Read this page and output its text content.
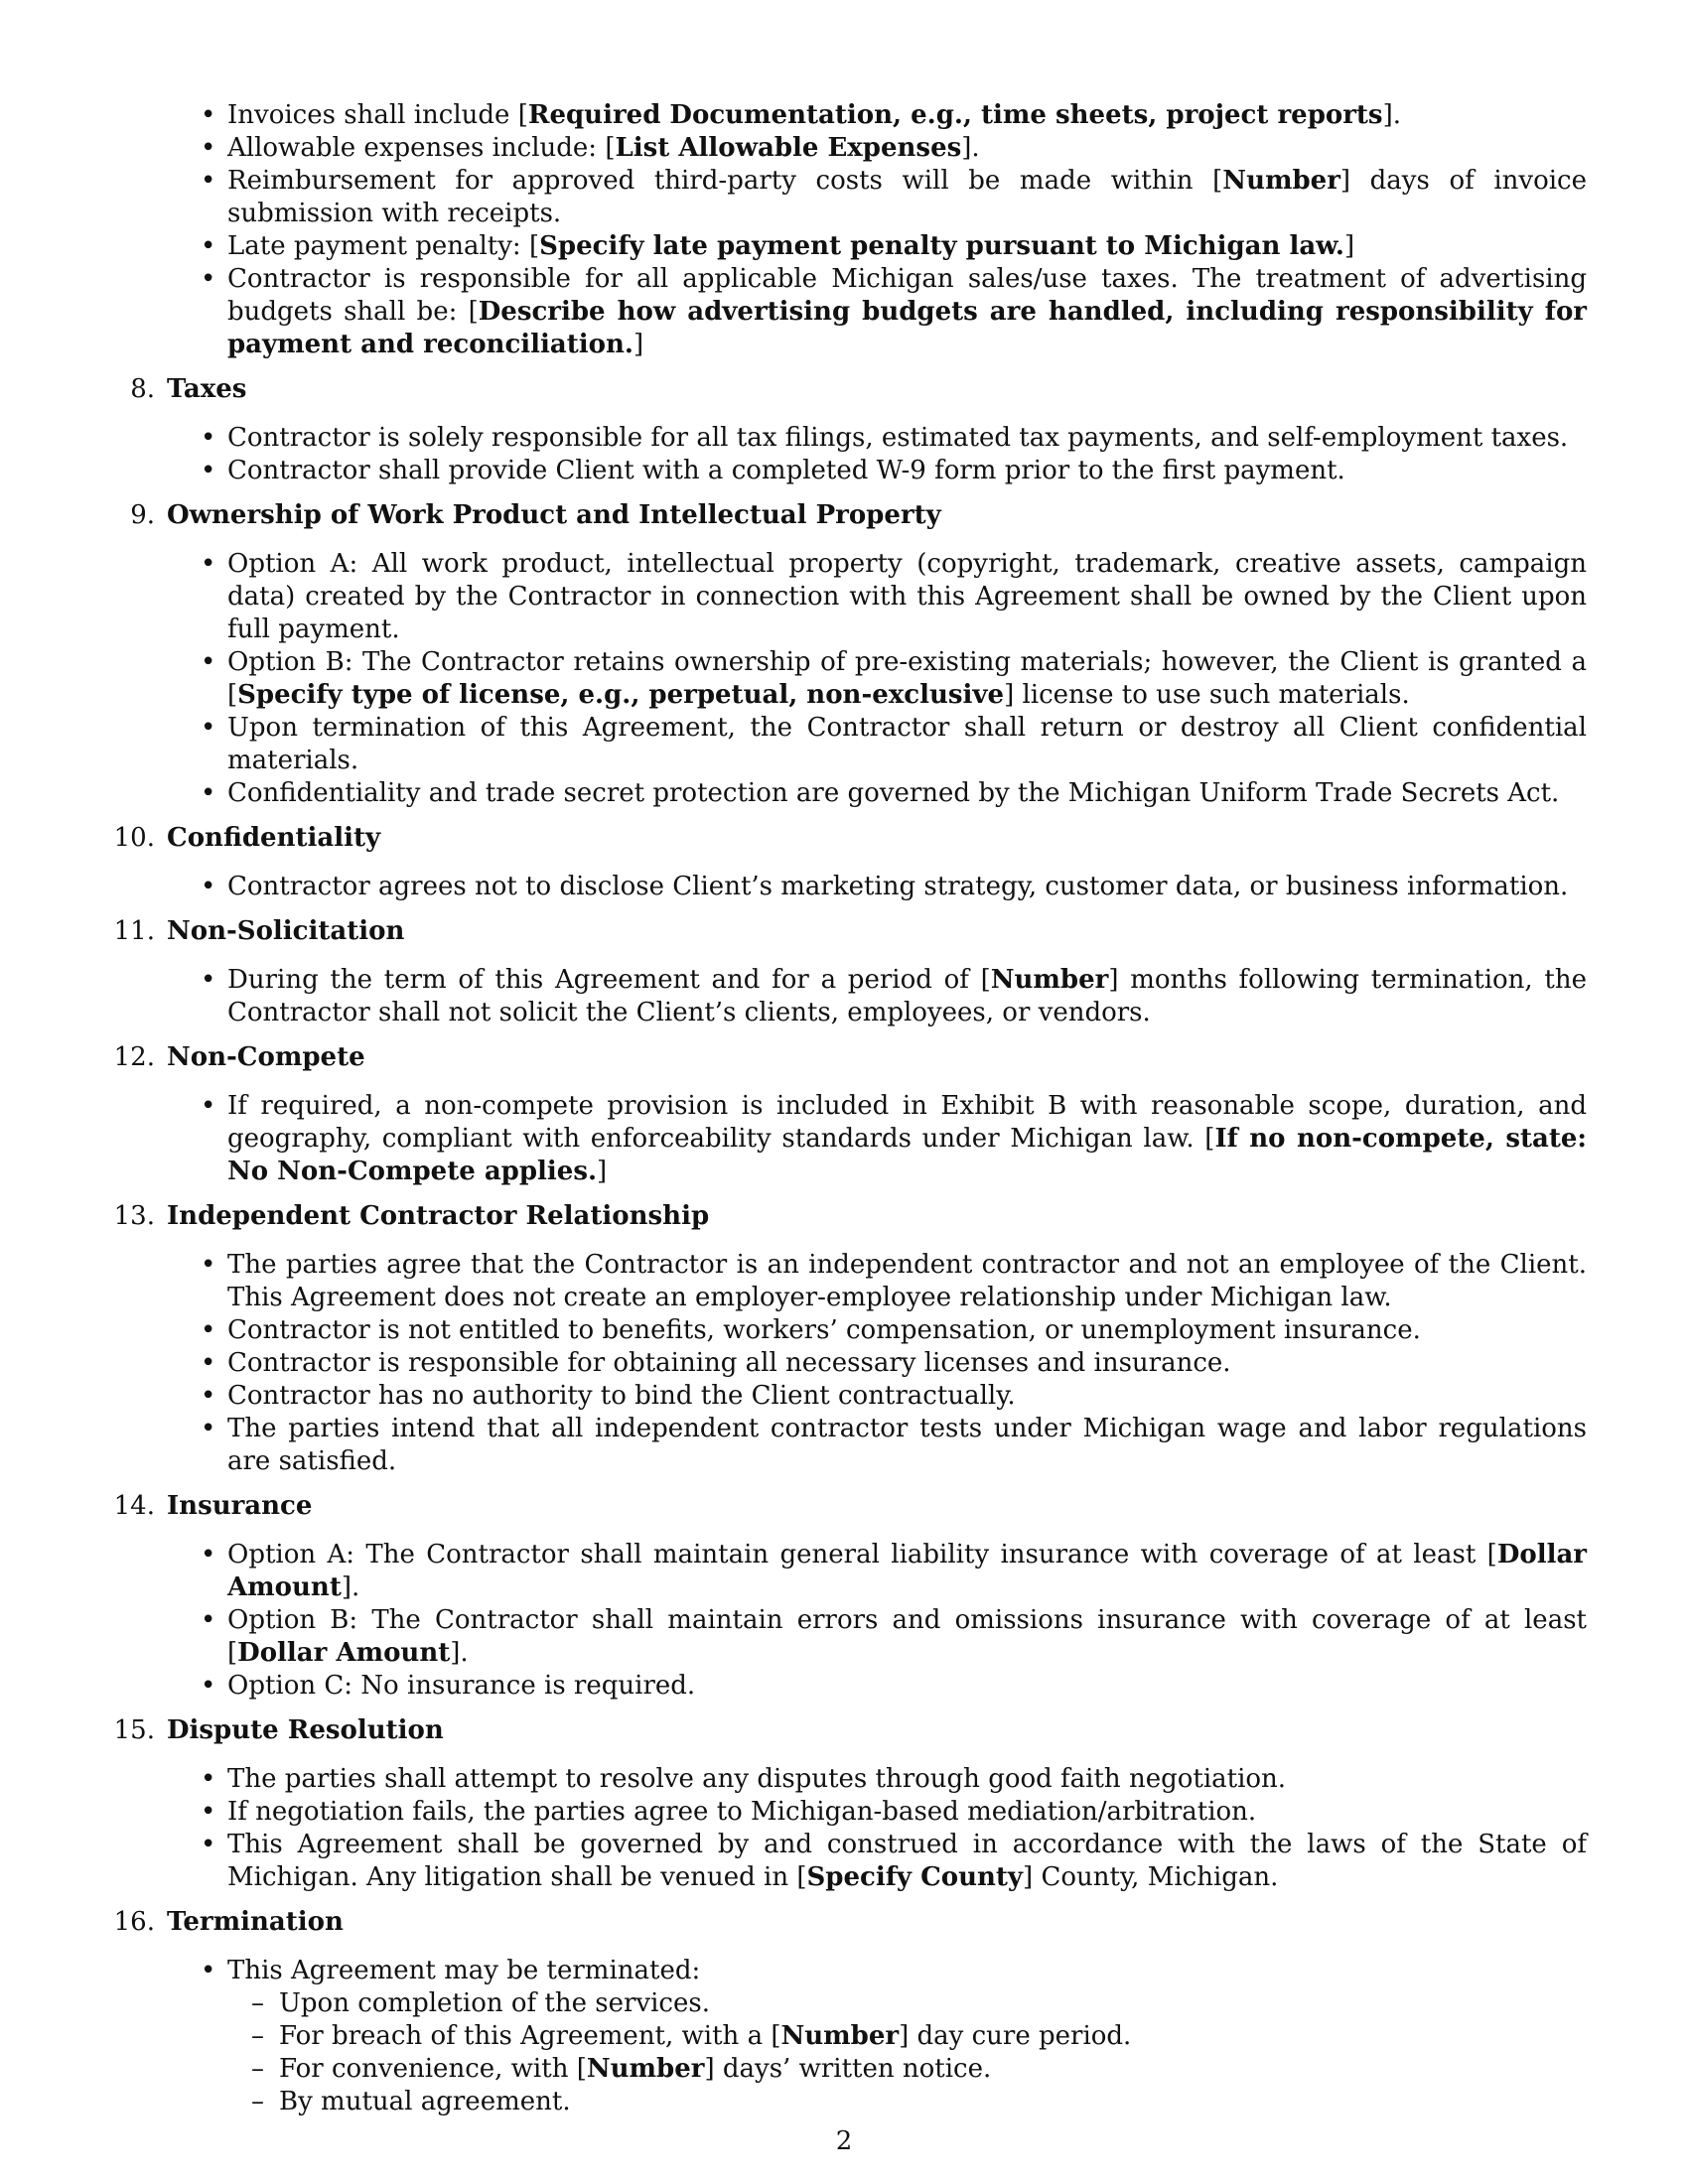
• Invoices shall include [Required Documentation, e.g., time sheets, project reports].
• Allowable expenses include: [List Allowable Expenses].
• Reimbursement for approved third-party costs will be made within [Number] days of invoice submission with receipts.
• Late payment penalty: [Specify late payment penalty pursuant to Michigan law.]
• Contractor is responsible for all applicable Michigan sales/use taxes. The treatment of advertising budgets shall be: [Describe how advertising budgets are handled, including responsibility for payment and reconciliation.]
8. Taxes
• Contractor is solely responsible for all tax filings, estimated tax payments, and self-employment taxes.
• Contractor shall provide Client with a completed W-9 form prior to the first payment.
9. Ownership of Work Product and Intellectual Property
• Option A: All work product, intellectual property (copyright, trademark, creative assets, campaign data) created by the Contractor in connection with this Agreement shall be owned by the Client upon full payment.
• Option B: The Contractor retains ownership of pre-existing materials; however, the Client is granted a [Specify type of license, e.g., perpetual, non-exclusive] license to use such materials.
• Upon termination of this Agreement, the Contractor shall return or destroy all Client confidential materials.
• Confidentiality and trade secret protection are governed by the Michigan Uniform Trade Secrets Act.
10. Confidentiality
• Contractor agrees not to disclose Client’s marketing strategy, customer data, or business information.
11. Non-Solicitation
• During the term of this Agreement and for a period of [Number] months following termination, the Contractor shall not solicit the Client’s clients, employees, or vendors.
12. Non-Compete
• If required, a non-compete provision is included in Exhibit B with reasonable scope, duration, and geography, compliant with enforceability standards under Michigan law. [If no non-compete, state: No Non-Compete applies.]
13. Independent Contractor Relationship
• The parties agree that the Contractor is an independent contractor and not an employee of the Client. This Agreement does not create an employer-employee relationship under Michigan law.
• Contractor is not entitled to benefits, workers’ compensation, or unemployment insurance.
• Contractor is responsible for obtaining all necessary licenses and insurance.
• Contractor has no authority to bind the Client contractually.
• The parties intend that all independent contractor tests under Michigan wage and labor regulations are satisfied.
14. Insurance
• Option A: The Contractor shall maintain general liability insurance with coverage of at least [Dollar Amount].
• Option B: The Contractor shall maintain errors and omissions insurance with coverage of at least [Dollar Amount].
• Option C: No insurance is required.
15. Dispute Resolution
• The parties shall attempt to resolve any disputes through good faith negotiation.
• If negotiation fails, the parties agree to Michigan-based mediation/arbitration.
• This Agreement shall be governed by and construed in accordance with the laws of the State of Michigan. Any litigation shall be venued in [Specify County] County, Michigan.
16. Termination
• This Agreement may be terminated:
– Upon completion of the services.
– For breach of this Agreement, with a [Number] day cure period.
– For convenience, with [Number] days’ written notice.
– By mutual agreement.
2
